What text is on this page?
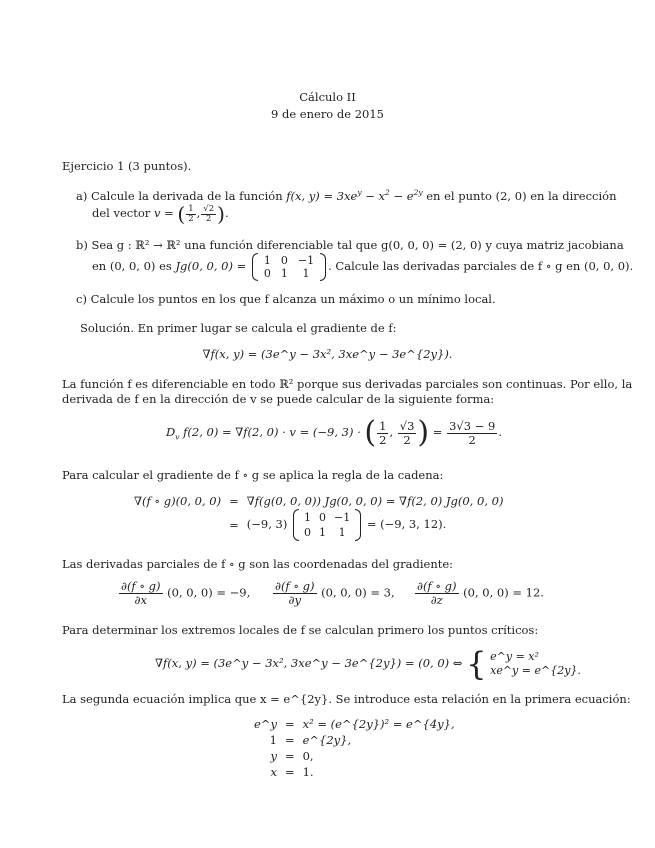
Cálculo II
9 de enero de 2015
Ejercicio 1 (3 puntos).
a) Calcule la derivada de la función f(x, $y) = 3xe^y - x^2 - e^{2y}$ en el punto (2, 0) en la dirección
del vector v = ( $\frac{1}{2}$ , $\frac{√2}{2}$ ).
b) Sea g : ℝ² → ℝ² una función diferenciable tal que g(0, 0, 0) = (2, 0) y cuya matriz jacobiana
en (0, 0, 0) es Jg(0, 0, 0) = 1	0	−1
0	1	1
. Calcule las derivadas parciales de f ∘ g en (0, 0, 0).
c) Calcule los puntos en los que f alcanza un máximo o un mínimo local.
Solución. En primer lugar se calcula el gradiente de f:
∇f(x, y) = (3e^y − 3x², 3xe^y − 3e^{2y}).
La función f es diferenciable en todo ℝ² porque sus derivadas parciales son continuas. Por ello, la
derivada de f en la dirección de v se puede calcular de la siguiente forma:
$D_v$ f(2, 0) = ∇f(2, 0) · v = (−9, 3) · ( $\frac{1}{2}$ , $\frac{√3}{2}$ ) = $\frac{3√3 - 9}{2}$ .
Para calcular el gradiente de f ∘ g se aplica la regla de la cadena:
∇(f ∘ g)(0, 0, 0)	=	∇f(g(0, 0, 0)) Jg(0, 0, 0) = ∇f(2, 0) Jg(0, 0, 0)
	=	(−9, 3) 1	0	−1
0	1	1
= (−9, 3, 12).
Las derivadas parciales de f ∘ g son las coordenadas del gradiente:
$\frac{\partial(f \circ g)}{\partial x} (0$, 0, 0) = −9, $\frac{\partial(f \circ g)}{\partial y} (0$, 0, 0) = 3, $\frac{\partial(f \circ g)}{\partial z} (0$, 0, 0) = 12.
Para determinar los extremos locales de f se calculan primero los puntos críticos:
∇f(x, y) = (3e^y − 3x², 3xe^y − 3e^{2y}) = (0, 0) ⇔ { e^y = x²
xe^y = e^{2y}.
La segunda ecuación implica que x = e^{2y}. Se introduce esta relación en la primera ecuación:
e^y	=	x² = (e^{2y})² = e^{4y},
1	=	e^{2y},
y	=	0,
x	=	1.
